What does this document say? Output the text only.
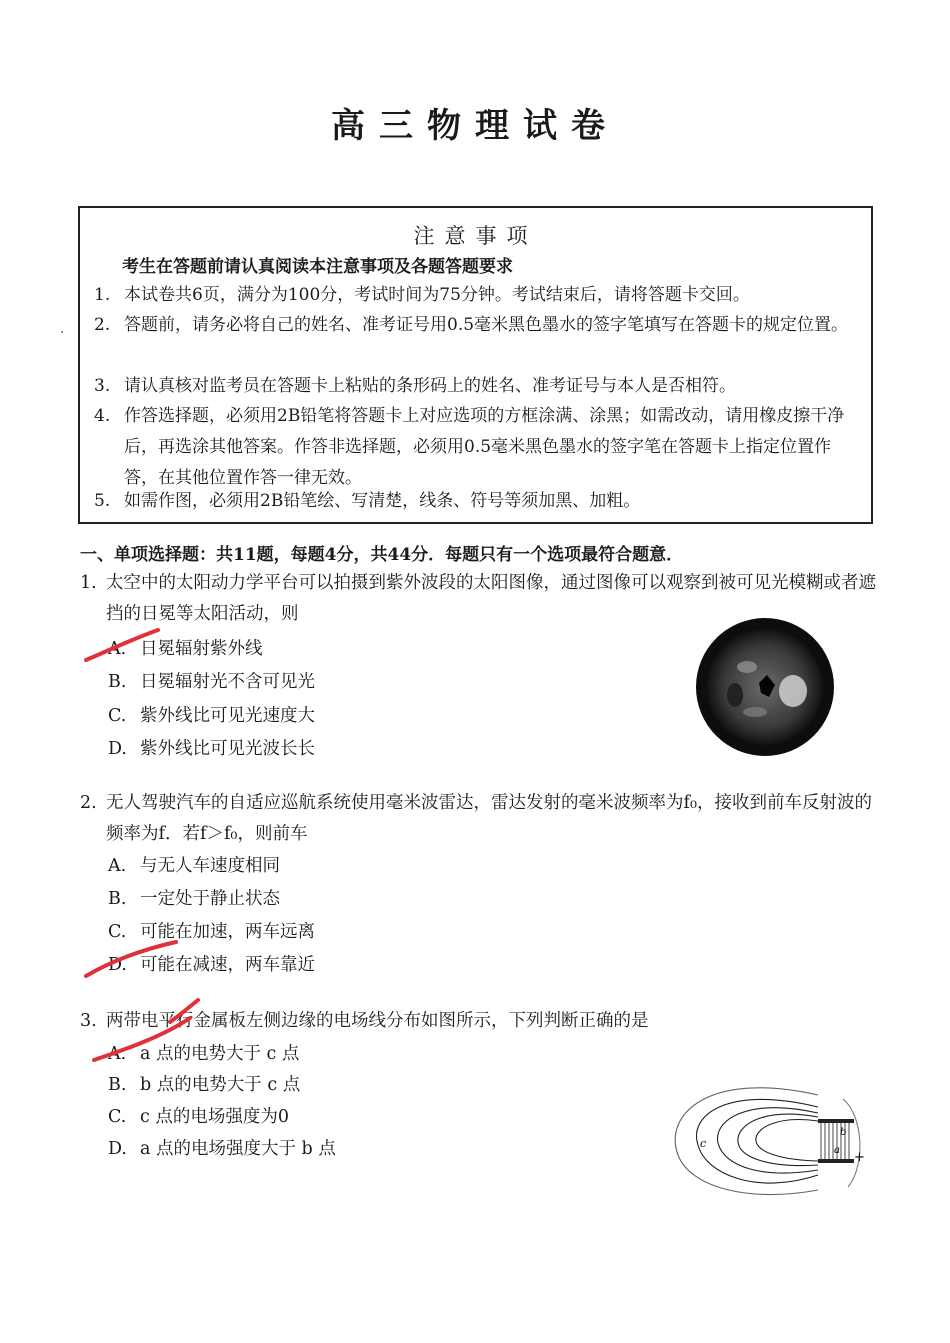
高三物理试卷
·
注意事项
考生在答题前请认真阅读本注意事项及各题答题要求
1. 本试卷共6页，满分为100分，考试时间为75分钟。考试结束后，请将答题卡交回。
2. 答题前，请务必将自己的姓名、准考证号用0.5毫米黑色墨水的签字笔填写在答题卡的规定位置。
3. 请认真核对监考员在答题卡上粘贴的条形码上的姓名、准考证号与本人是否相符。
4. 作答选择题，必须用2B铅笔将答题卡上对应选项的方框涂满、涂黑；如需改动，请用橡皮擦干净后，再选涂其他答案。作答非选择题，必须用0.5毫米黑色墨水的签字笔在答题卡上指定位置作答，在其他位置作答一律无效。
5. 如需作图，必须用2B铅笔绘、写清楚，线条、符号等须加黑、加粗。
一、单项选择题：共11题，每题4分，共44分．每题只有一个选项最符合题意．
1. 太空中的太阳动力学平台可以拍摄到紫外波段的太阳图像，通过图像可以观察到被可见光模糊或者遮挡的日冕等太阳活动，则
A. 日冕辐射紫外线
B. 日冕辐射光不含可见光
C. 紫外线比可见光速度大
D. 紫外线比可见光波长长
2. 无人驾驶汽车的自适应巡航系统使用毫米波雷达，雷达发射的毫米波频率为f₀，接收到前车反射波的频率为f．若f＞f₀，则前车
A. 与无人车速度相同
B. 一定处于静止状态
C. 可能在加速，两车远离
D. 可能在减速，两车靠近
3. 两带电平行金属板左侧边缘的电场线分布如图所示，下列判断正确的是
A. a 点的电势大于 c 点
B. b 点的电势大于 c 点
C. c 点的电场强度为0
D. a 点的电场强度大于 b 点	c
a
b
+
